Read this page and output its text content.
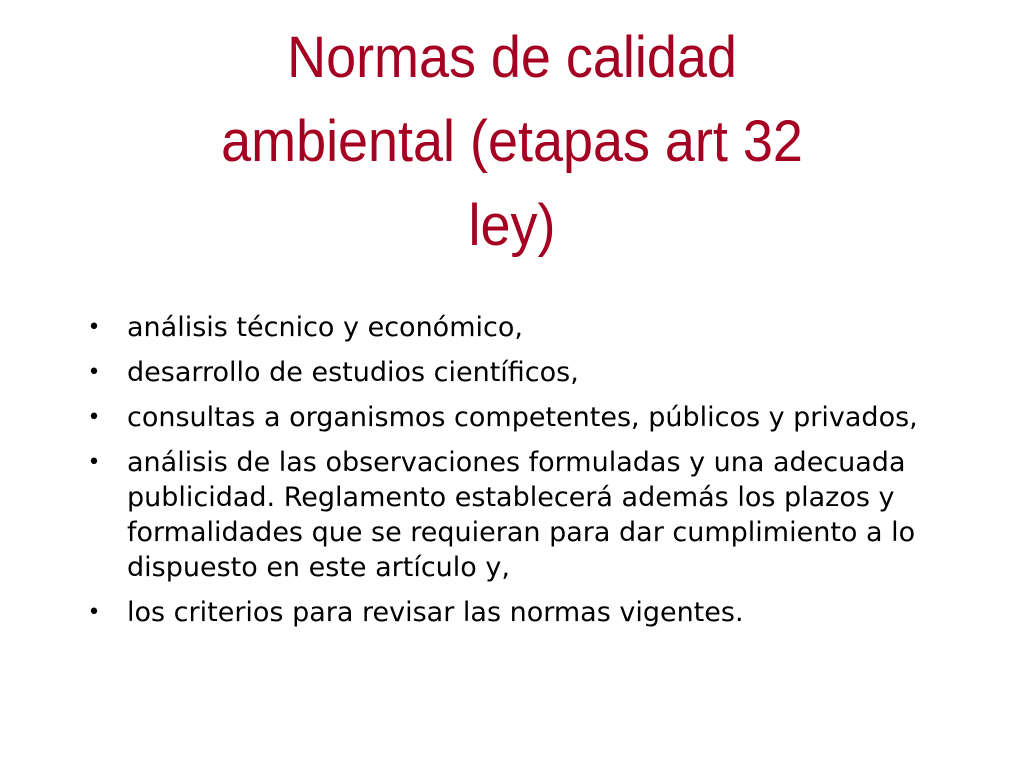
Normas de calidad
ambiental (etapas art 32
ley)
• análisis técnico y económico,
• desarrollo de estudios científicos,
• consultas a organismos competentes, públicos y privados,
• análisis de las observaciones formuladas y una adecuada publicidad. Reglamento establecerá además los plazos y formalidades que se requieran para dar cumplimiento a lo dispuesto en este artículo y,
• los criterios para revisar las normas vigentes.
